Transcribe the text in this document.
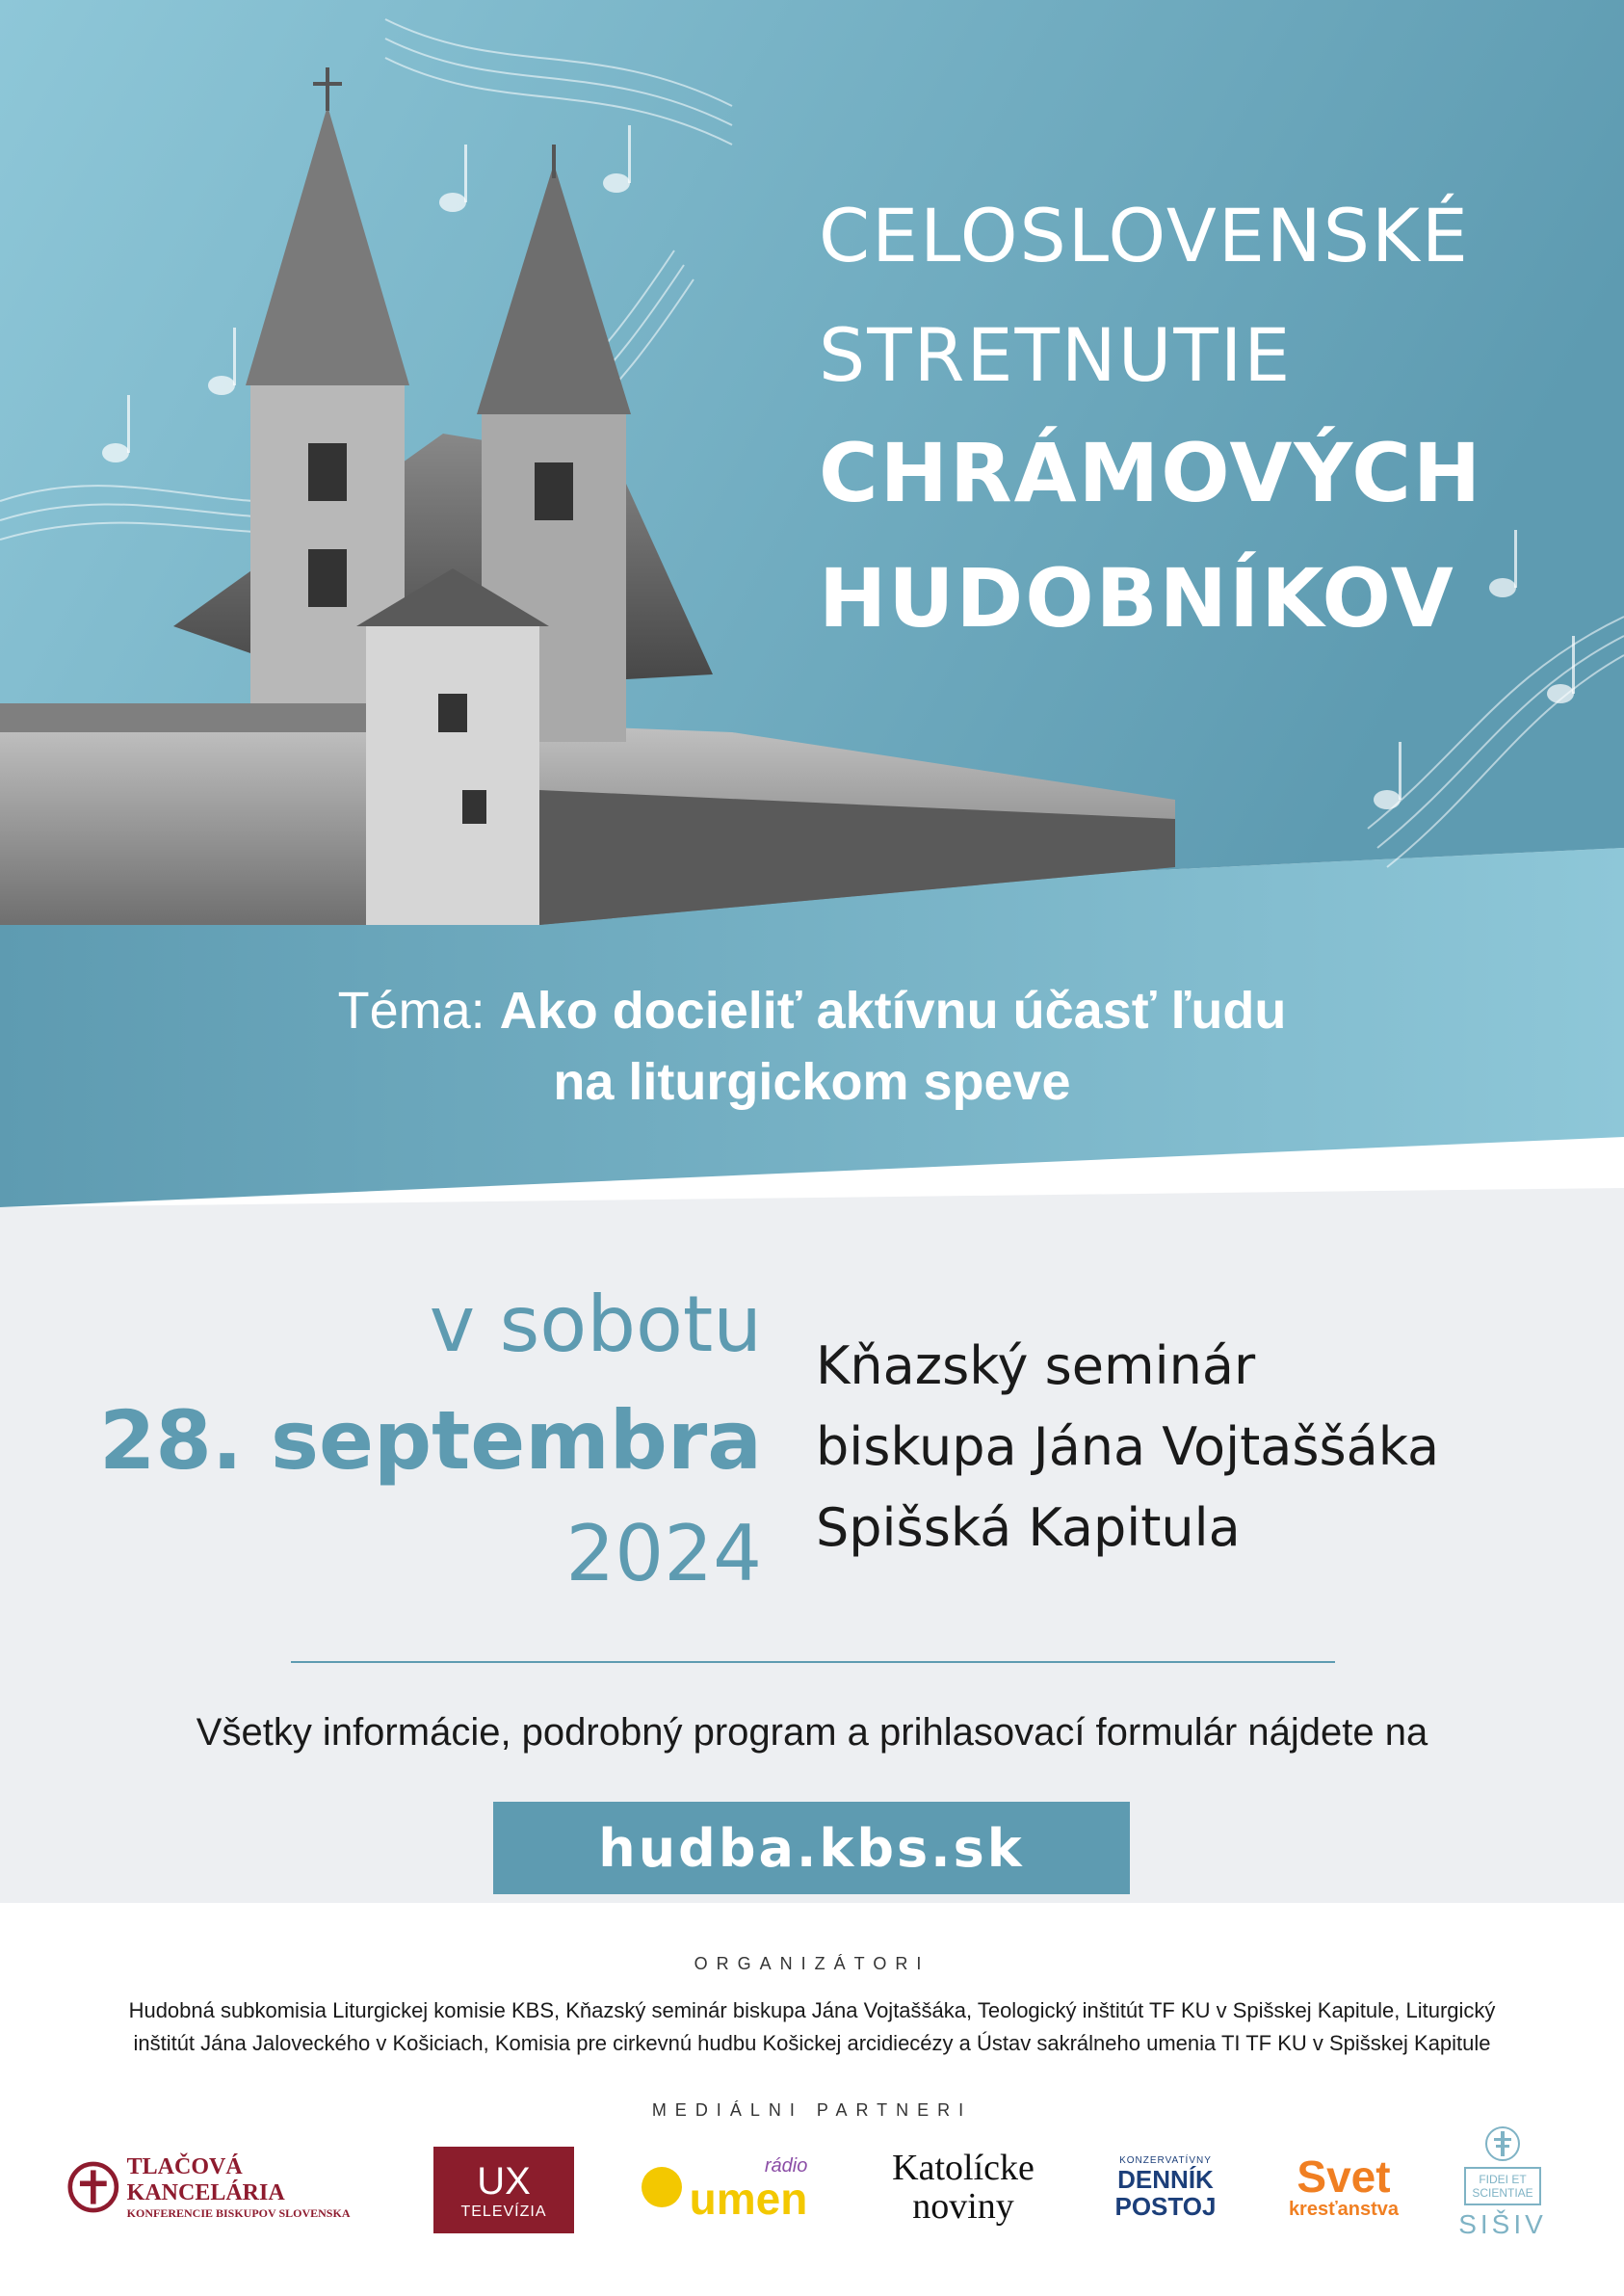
CELOSLOVENSKÉ
STRETNUTIE
CHRÁMOVÝCH
HUDOBNÍKOV
Téma: Ako docieliť aktívnu účasť ľudu
na liturgickom speve
v sobotu
28. septembra
2024
Kňazský seminár
biskupa Jána Vojtaššáka
Spišská Kapitula
Všetky informácie, podrobný program a prihlasovací formulár nájdete na
hudba.kbs.sk
ORGANIZÁTORI
Hudobná subkomisia Liturgickej komisie KBS, Kňazský seminár biskupa Jána Vojtaššáka, Teologický inštitút TF KU v Spišskej Kapitule, Liturgický
inštitút Jána Jaloveckého v Košiciach, Komisia pre cirkevnú hudbu Košickej arcidiecézy a Ústav sakrálneho umenia TI TF KU v Spišskej Kapitule
MEDIÁLNI PARTNERI
TLAČOVÁ KANCELÁRIA
KONFERENCIE BISKUPOV SLOVENSKA
UX
TELEVÍZIA
rádio
umen
Katolícke
noviny
KONZERVATÍVNY
DENNÍK
POSTOJ
Svet
kresťanstva
FIDEI ET
SCIENTIAE
SIŠIV
